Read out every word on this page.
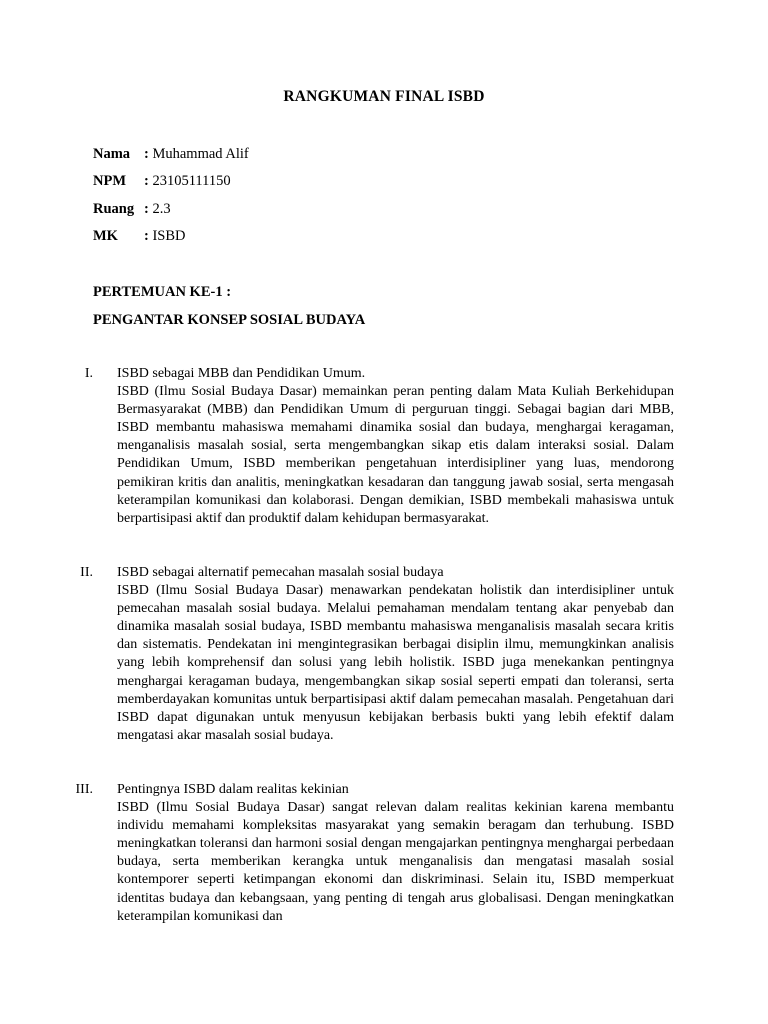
RANGKUMAN FINAL ISBD
Nama : Muhammad Alif
NPM : 23105111150
Ruang : 2.3
MK : ISBD
PERTEMUAN KE-1 :
PENGANTAR KONSEP SOSIAL BUDAYA
I. ISBD sebagai MBB dan Pendidikan Umum.

ISBD (Ilmu Sosial Budaya Dasar) memainkan peran penting dalam Mata Kuliah Berkehidupan Bermasyarakat (MBB) dan Pendidikan Umum di perguruan tinggi. Sebagai bagian dari MBB, ISBD membantu mahasiswa memahami dinamika sosial dan budaya, menghargai keragaman, menganalisis masalah sosial, serta mengembangkan sikap etis dalam interaksi sosial. Dalam Pendidikan Umum, ISBD memberikan pengetahuan interdisipliner yang luas, mendorong pemikiran kritis dan analitis, meningkatkan kesadaran dan tanggung jawab sosial, serta mengasah keterampilan komunikasi dan kolaborasi. Dengan demikian, ISBD membekali mahasiswa untuk berpartisipasi aktif dan produktif dalam kehidupan bermasyarakat.

II. ISBD sebagai alternatif pemecahan masalah sosial budaya

ISBD (Ilmu Sosial Budaya Dasar) menawarkan pendekatan holistik dan interdisipliner untuk pemecahan masalah sosial budaya. Melalui pemahaman mendalam tentang akar penyebab dan dinamika masalah sosial budaya, ISBD membantu mahasiswa menganalisis masalah secara kritis dan sistematis. Pendekatan ini mengintegrasikan berbagai disiplin ilmu, memungkinkan analisis yang lebih komprehensif dan solusi yang lebih holistik. ISBD juga menekankan pentingnya menghargai keragaman budaya, mengembangkan sikap sosial seperti empati dan toleransi, serta memberdayakan komunitas untuk berpartisipasi aktif dalam pemecahan masalah. Pengetahuan dari ISBD dapat digunakan untuk menyusun kebijakan berbasis bukti yang lebih efektif dalam mengatasi akar masalah sosial budaya.

III. Pentingnya ISBD dalam realitas kekinian

ISBD (Ilmu Sosial Budaya Dasar) sangat relevan dalam realitas kekinian karena membantu individu memahami kompleksitas masyarakat yang semakin beragam dan terhubung. ISBD meningkatkan toleransi dan harmoni sosial dengan mengajarkan pentingnya menghargai perbedaan budaya, serta memberikan kerangka untuk menganalisis dan mengatasi masalah sosial kontemporer seperti ketimpangan ekonomi dan diskriminasi. Selain itu, ISBD memperkuat identitas budaya dan kebangsaan, yang penting di tengah arus globalisasi. Dengan meningkatkan keterampilan komunikasi dan
